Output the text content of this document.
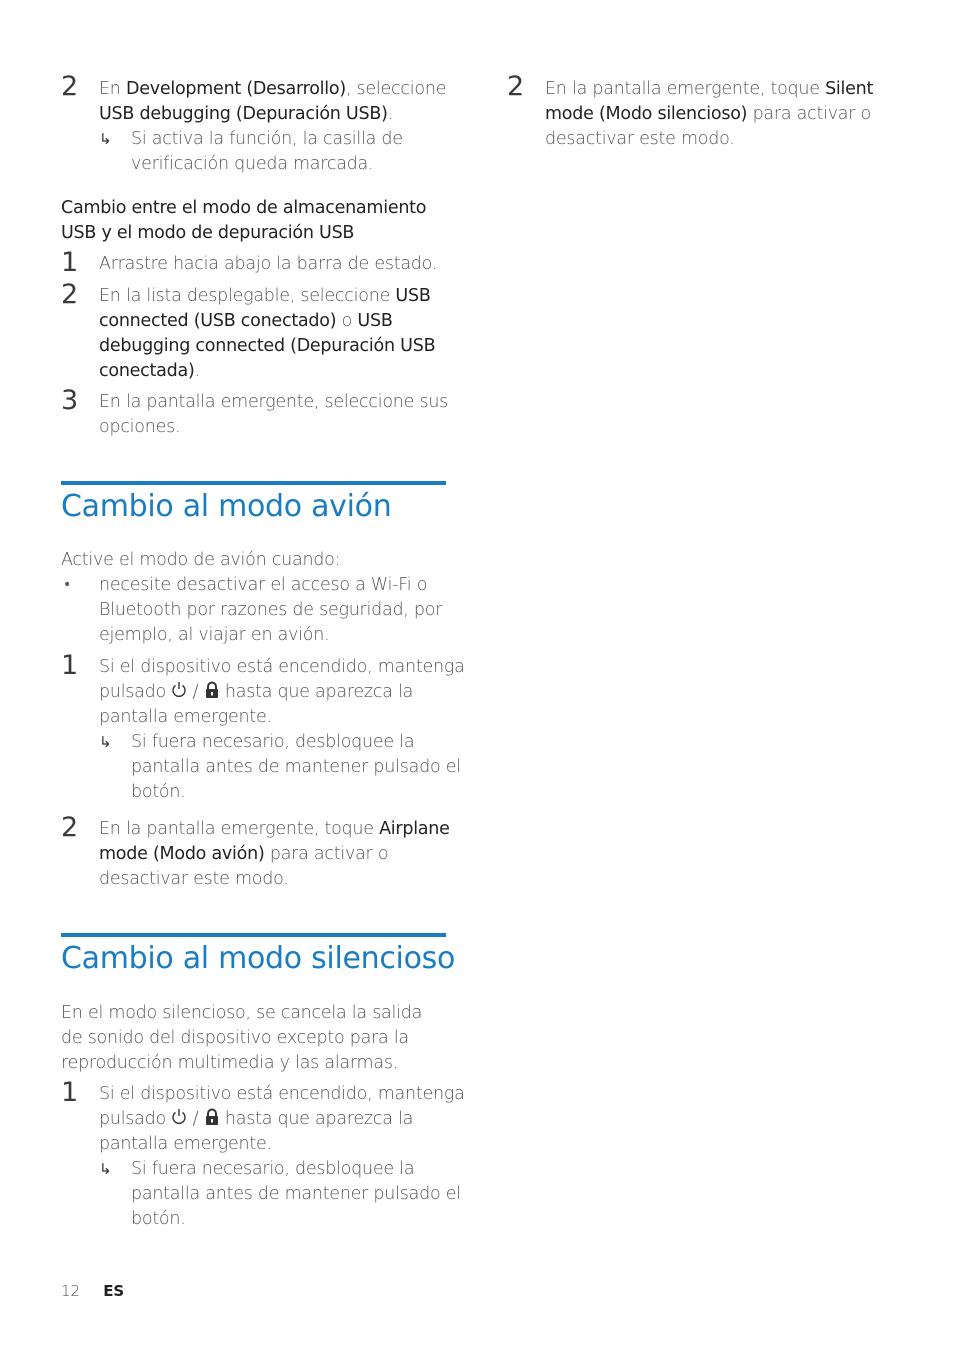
2 En Development (Desarrollo), seleccione
USB debugging (Depuración USB).
↳ Si activa la función, la casilla de
verificación queda marcada.
Cambio entre el modo de almacenamiento
USB y el modo de depuración USB
1 Arrastre hacia abajo la barra de estado.
2 En la lista desplegable, seleccione USB
connected (USB conectado) o USB
debugging connected (Depuración USB
conectada).
3 En la pantalla emergente, seleccione sus
opciones.
Cambio al modo avión
Active el modo de avión cuando:
• necesite desactivar el acceso a Wi-Fi o
Bluetooth por razones de seguridad, por
ejemplo, al viajar en avión.
1 Si el dispositivo está encendido, mantenga
pulsado  /  hasta que aparezca la
pantalla emergente.
↳ Si fuera necesario, desbloquee la
pantalla antes de mantener pulsado el
botón.
2 En la pantalla emergente, toque Airplane
mode (Modo avión) para activar o
desactivar este modo.
Cambio al modo silencioso
En el modo silencioso, se cancela la salida
de sonido del dispositivo excepto para la
reproducción multimedia y las alarmas.
1 Si el dispositivo está encendido, mantenga
pulsado  /  hasta que aparezca la
pantalla emergente.
↳ Si fuera necesario, desbloquee la
pantalla antes de mantener pulsado el
botón.
12 ES
2 En la pantalla emergente, toque Silent
mode (Modo silencioso) para activar o
desactivar este modo.
